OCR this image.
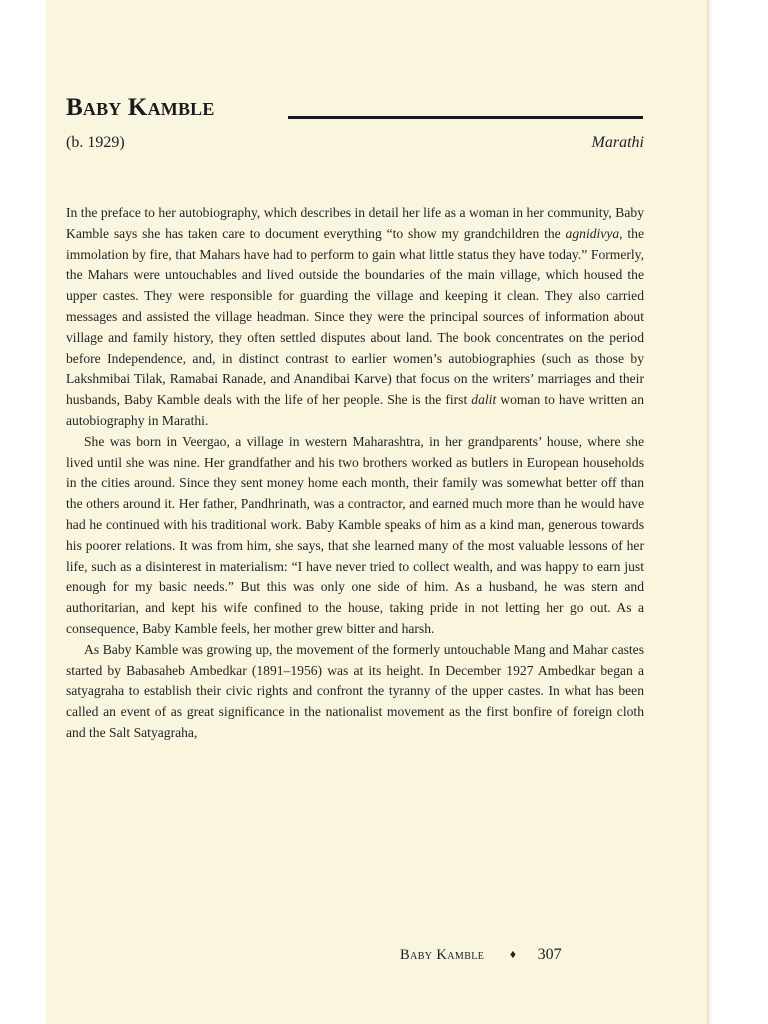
Baby Kamble
(b. 1929)	Marathi

In the preface to her autobiography, which describes in detail her life as a woman in her community, Baby Kamble says she has taken care to document everything “to show my grandchildren the agnidivya, the immolation by fire, that Mahars have had to perform to gain what little status they have today.” Formerly, the Mahars were untouchables and lived outside the boundaries of the main village, which housed the upper castes. They were responsible for guarding the village and keeping it clean. They also carried messages and assisted the village headman. Since they were the principal sources of information about village and family history, they often settled disputes about land. The book concentrates on the period before Independence, and, in distinct contrast to earlier women’s autobiographies (such as those by Lakshmibai Tilak, Ramabai Ranade, and Anandibai Karve) that focus on the writers’ marriages and their husbands, Baby Kamble deals with the life of her people. She is the first dalit woman to have written an autobiography in Marathi.

She was born in Veergao, a village in western Maharashtra, in her grandparents’ house, where she lived until she was nine. Her grandfather and his two brothers worked as butlers in European households in the cities around. Since they sent money home each month, their family was somewhat better off than the others around it. Her father, Pandhrinath, was a contractor, and earned much more than he would have had he continued with his traditional work. Baby Kamble speaks of him as a kind man, generous towards his poorer relations. It was from him, she says, that she learned many of the most valuable lessons of her life, such as a disinterest in materialism: “I have never tried to collect wealth, and was happy to earn just enough for my basic needs.” But this was only one side of him. As a husband, he was stern and authoritarian, and kept his wife confined to the house, taking pride in not letting her go out. As a consequence, Baby Kamble feels, her mother grew bitter and harsh.

As Baby Kamble was growing up, the movement of the formerly untouchable Mang and Mahar castes started by Babasaheb Ambedkar (1891–1956) was at its height. In December 1927 Ambedkar began a satyagraha to establish their civic rights and confront the tyranny of the upper castes. In what has been called an event of as great significance in the nationalist movement as the first bonfire of foreign cloth and the Salt Satyagraha,

Baby Kamble ♦ 307
